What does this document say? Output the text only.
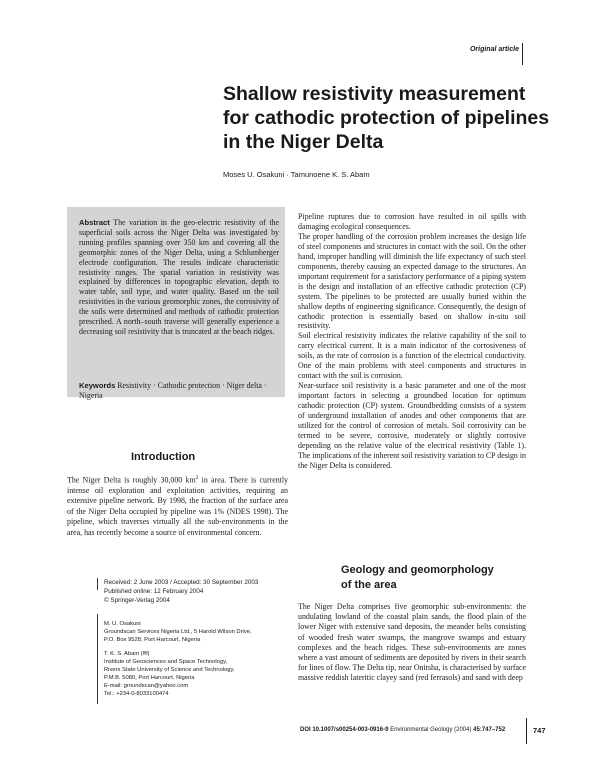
Original article
Shallow resistivity measurement
for cathodic protection of pipelines
in the Niger Delta
Moses U. Osakuni · Tamunoene K. S. Abam
Abstract The variation in the geo-electric resistivity of the superficial soils across the Niger Delta was investigated by running profiles spanning over 350 km and covering all the geomorphic zones of the Niger Delta, using a Schlumberger electrode configuration. The results indicate characteristic resistivity ranges. The spatial variation in resistivity was explained by differences in topographic elevation, depth to water table, soil type, and water quality. Based on the soil resistivities in the various geomorphic zones, the corrosivity of the soils were determined and methods of cathodic protection prescribed. A north–south traverse will generally experience a decreasing soil resistivity that is truncated at the beach ridges.
Keywords Resistivity · Cathodic protection · Niger delta · Nigeria
Introduction
The Niger Delta is roughly 30,000 $km^2$ in area. There is currently intense oil exploration and exploitation activities, requiring an extensive pipeline network. By 1998, the fraction of the surface area of the Niger Delta occupied by pipeline was 1% (NDES 1998). The pipeline, which traverses virtually all the sub-environments in the area, has recently become a source of environmental concern.
Received: 2 June 2003 / Accepted: 30 September 2003
Published online: 12 February 2004
© Springer-Verlag 2004
M. U. Osakuni
Groundscan Services Nigeria Ltd., 5 Harold Wilson Drive,
P.O. Box 9528, Port Harcourt, Nigeria
T. K. S. Abam (✉)
Institute of Geosciences and Space Technology,
Rivers State University of Science and Technology,
P.M.B. 5080, Port Harcourt, Nigeria
E-mail: groundscan@yahoo.com
Tel.: +234-0-8033100474

Pipeline ruptures due to corrosion have resulted in oil spills with damaging ecological consequences.

The proper handling of the corrosion problem increases the design life of steel components and structures in contact with the soil. On the other hand, improper handling will diminish the life expectancy of such steel components, thereby causing an expected damage to the structures. An important requirement for a satisfactory performance of a piping system is the design and installation of an effective cathodic protection (CP) system. The pipelines to be protected are usually buried within the shallow depths of engineering significance. Consequently, the design of cathodic protection is essentially based on shallow in-situ soil resistivity.

Soil electrical resistivity indicates the relative capability of the soil to carry electrical current. It is a main indicator of the corrosiveness of soils, as the rate of corrosion is a function of the electrical conductivity. One of the main problems with steel components and structures in contact with the soil is corrosion.

Near-surface soil resistivity is a basic parameter and one of the most important factors in selecting a groundbed location for optimum cathodic protection (CP) system. Groundbedding consists of a system of underground installation of anodes and other components that are utilized for the control of corrosion of metals. Soil corrosivity can be termed to be severe, corrosive, moderately or slightly corrosive depending on the relative value of the electrical resistivity (Table 1). The implications of the inherent soil resistivity variation to CP design in the Niger Delta is considered.

Geology and geomorphology
of the area
The Niger Delta comprises five geomorphic sub-environments: the undulating lowland of the coastal plain sands, the flood plain of the lower Niger with extensive sand deposits, the meander belts consisting of wooded fresh water swamps, the mangrove swamps and estuary complexes and the beach ridges. These sub-environments are zones where a vast amount of sediments are deposited by rivers in their search for lines of flow. The Delta tip, near Onitsha, is characterised by surface massive reddish lateritic clayey sand (red ferrasols) and sand with deep
DOI 10.1007/s00254-003-0916-9 Environmental Geology (2004) 45:747–752	747
